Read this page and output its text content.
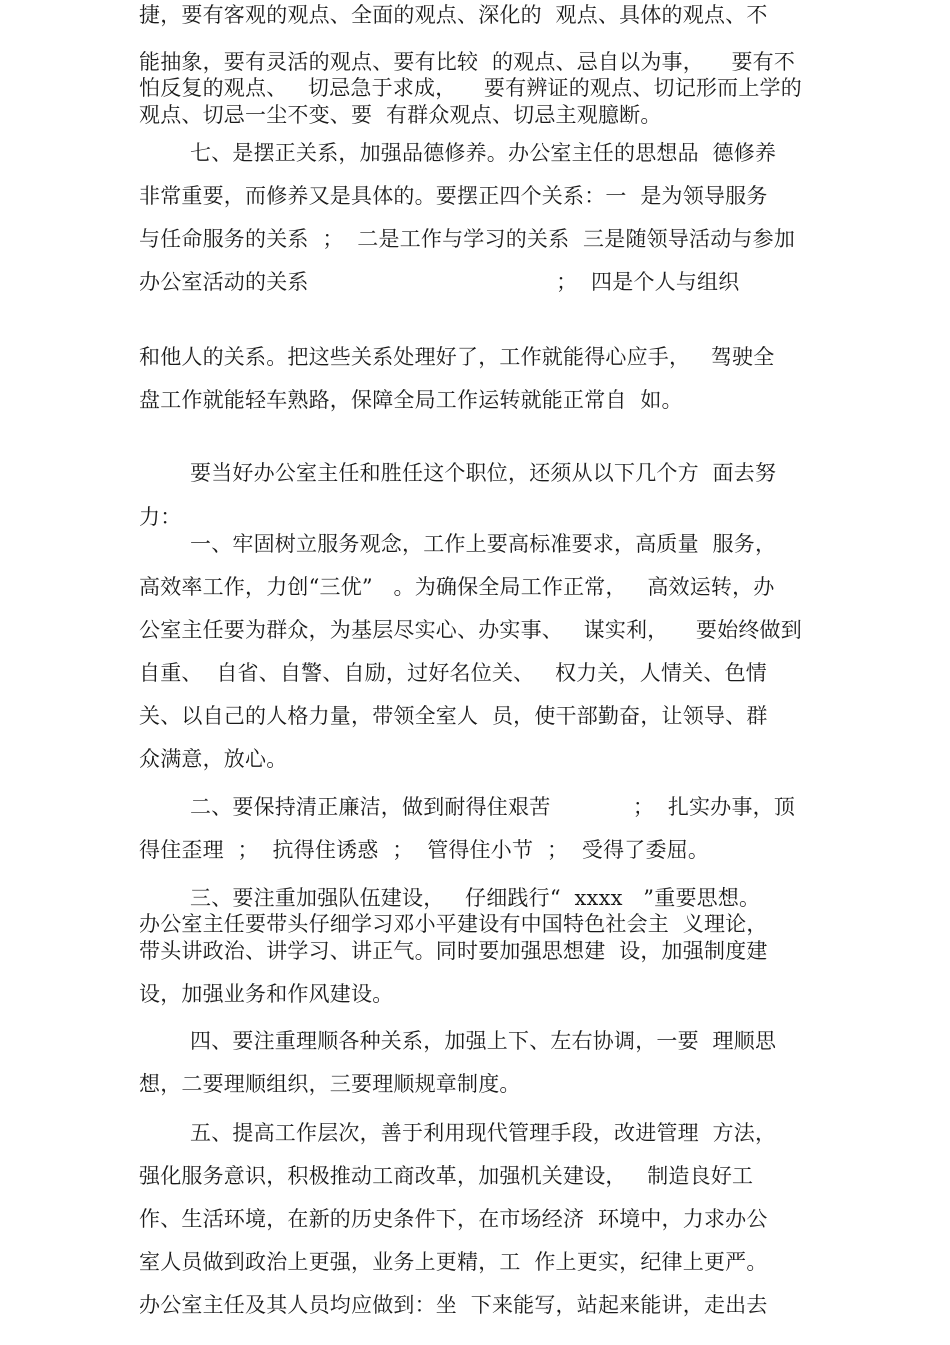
捷，要有客观的观点、全面的观点、深化的  观点、具体的观点、不
能抽象，要有灵活的观点、要有比较  的观点、忌自以为事，    要有不
怕反复的观点、   切忌急于求成，    要有辨证的观点、切记形而上学的
观点、切忌一尘不变、要  有群众观点、切忌主观臆断。
七、是摆正关系，加强品德修养。办公室主任的思想品  德修养
非常重要，而修养又是具体的。要摆正四个关系：一  是为领导服务
与任命服务的关系  ；  二是工作与学习的关系  三是随领导活动与参加
办公室活动的关系                                    ；  四是个人与组织
和他人的关系。把这些关系处理好了，工作就能得心应手，   驾驶全
盘工作就能轻车熟路，保障全局工作运转就能正常自  如。
要当好办公室主任和胜任这个职位，还须从以下几个方  面去努
力：
一、牢固树立服务观念，工作上要高标准要求，高质量  服务，
高效率工作，力创“三优”   。为确保全局工作正常，   高效运转，办
公室主任要为群众，为基层尽实心、办实事、   谋实利，    要始终做到
自重、  自省、自警、自励，过好名位关、   权力关，人情关、色情
关、以自己的人格力量，带领全室人  员，使干部勤奋，让领导、群
众满意，放心。
二、要保持清正廉洁，做到耐得住艰苦            ；  扎实办事，顶
得住歪理  ；  抗得住诱惑  ；  管得住小节  ；  受得了委屈。
三、要注重加强队伍建设，   仔细践行“  xxxx   ”重要思想。
办公室主任要带头仔细学习邓小平建设有中国特色社会主  义理论，
带头讲政治、讲学习、讲正气。同时要加强思想建  设，加强制度建
设，加强业务和作风建设。
四、要注重理顺各种关系，加强上下、左右协调，一要  理顺思
想，二要理顺组织，三要理顺规章制度。
五、提高工作层次，善于利用现代管理手段，改进管理  方法，
强化服务意识，积极推动工商改革，加强机关建设，   制造良好工
作、生活环境，在新的历史条件下，在市场经济  环境中，力求办公
室人员做到政治上更强，业务上更精，工  作上更实，纪律上更严。
办公室主任及其人员均应做到：坐  下来能写，站起来能讲，走出去
